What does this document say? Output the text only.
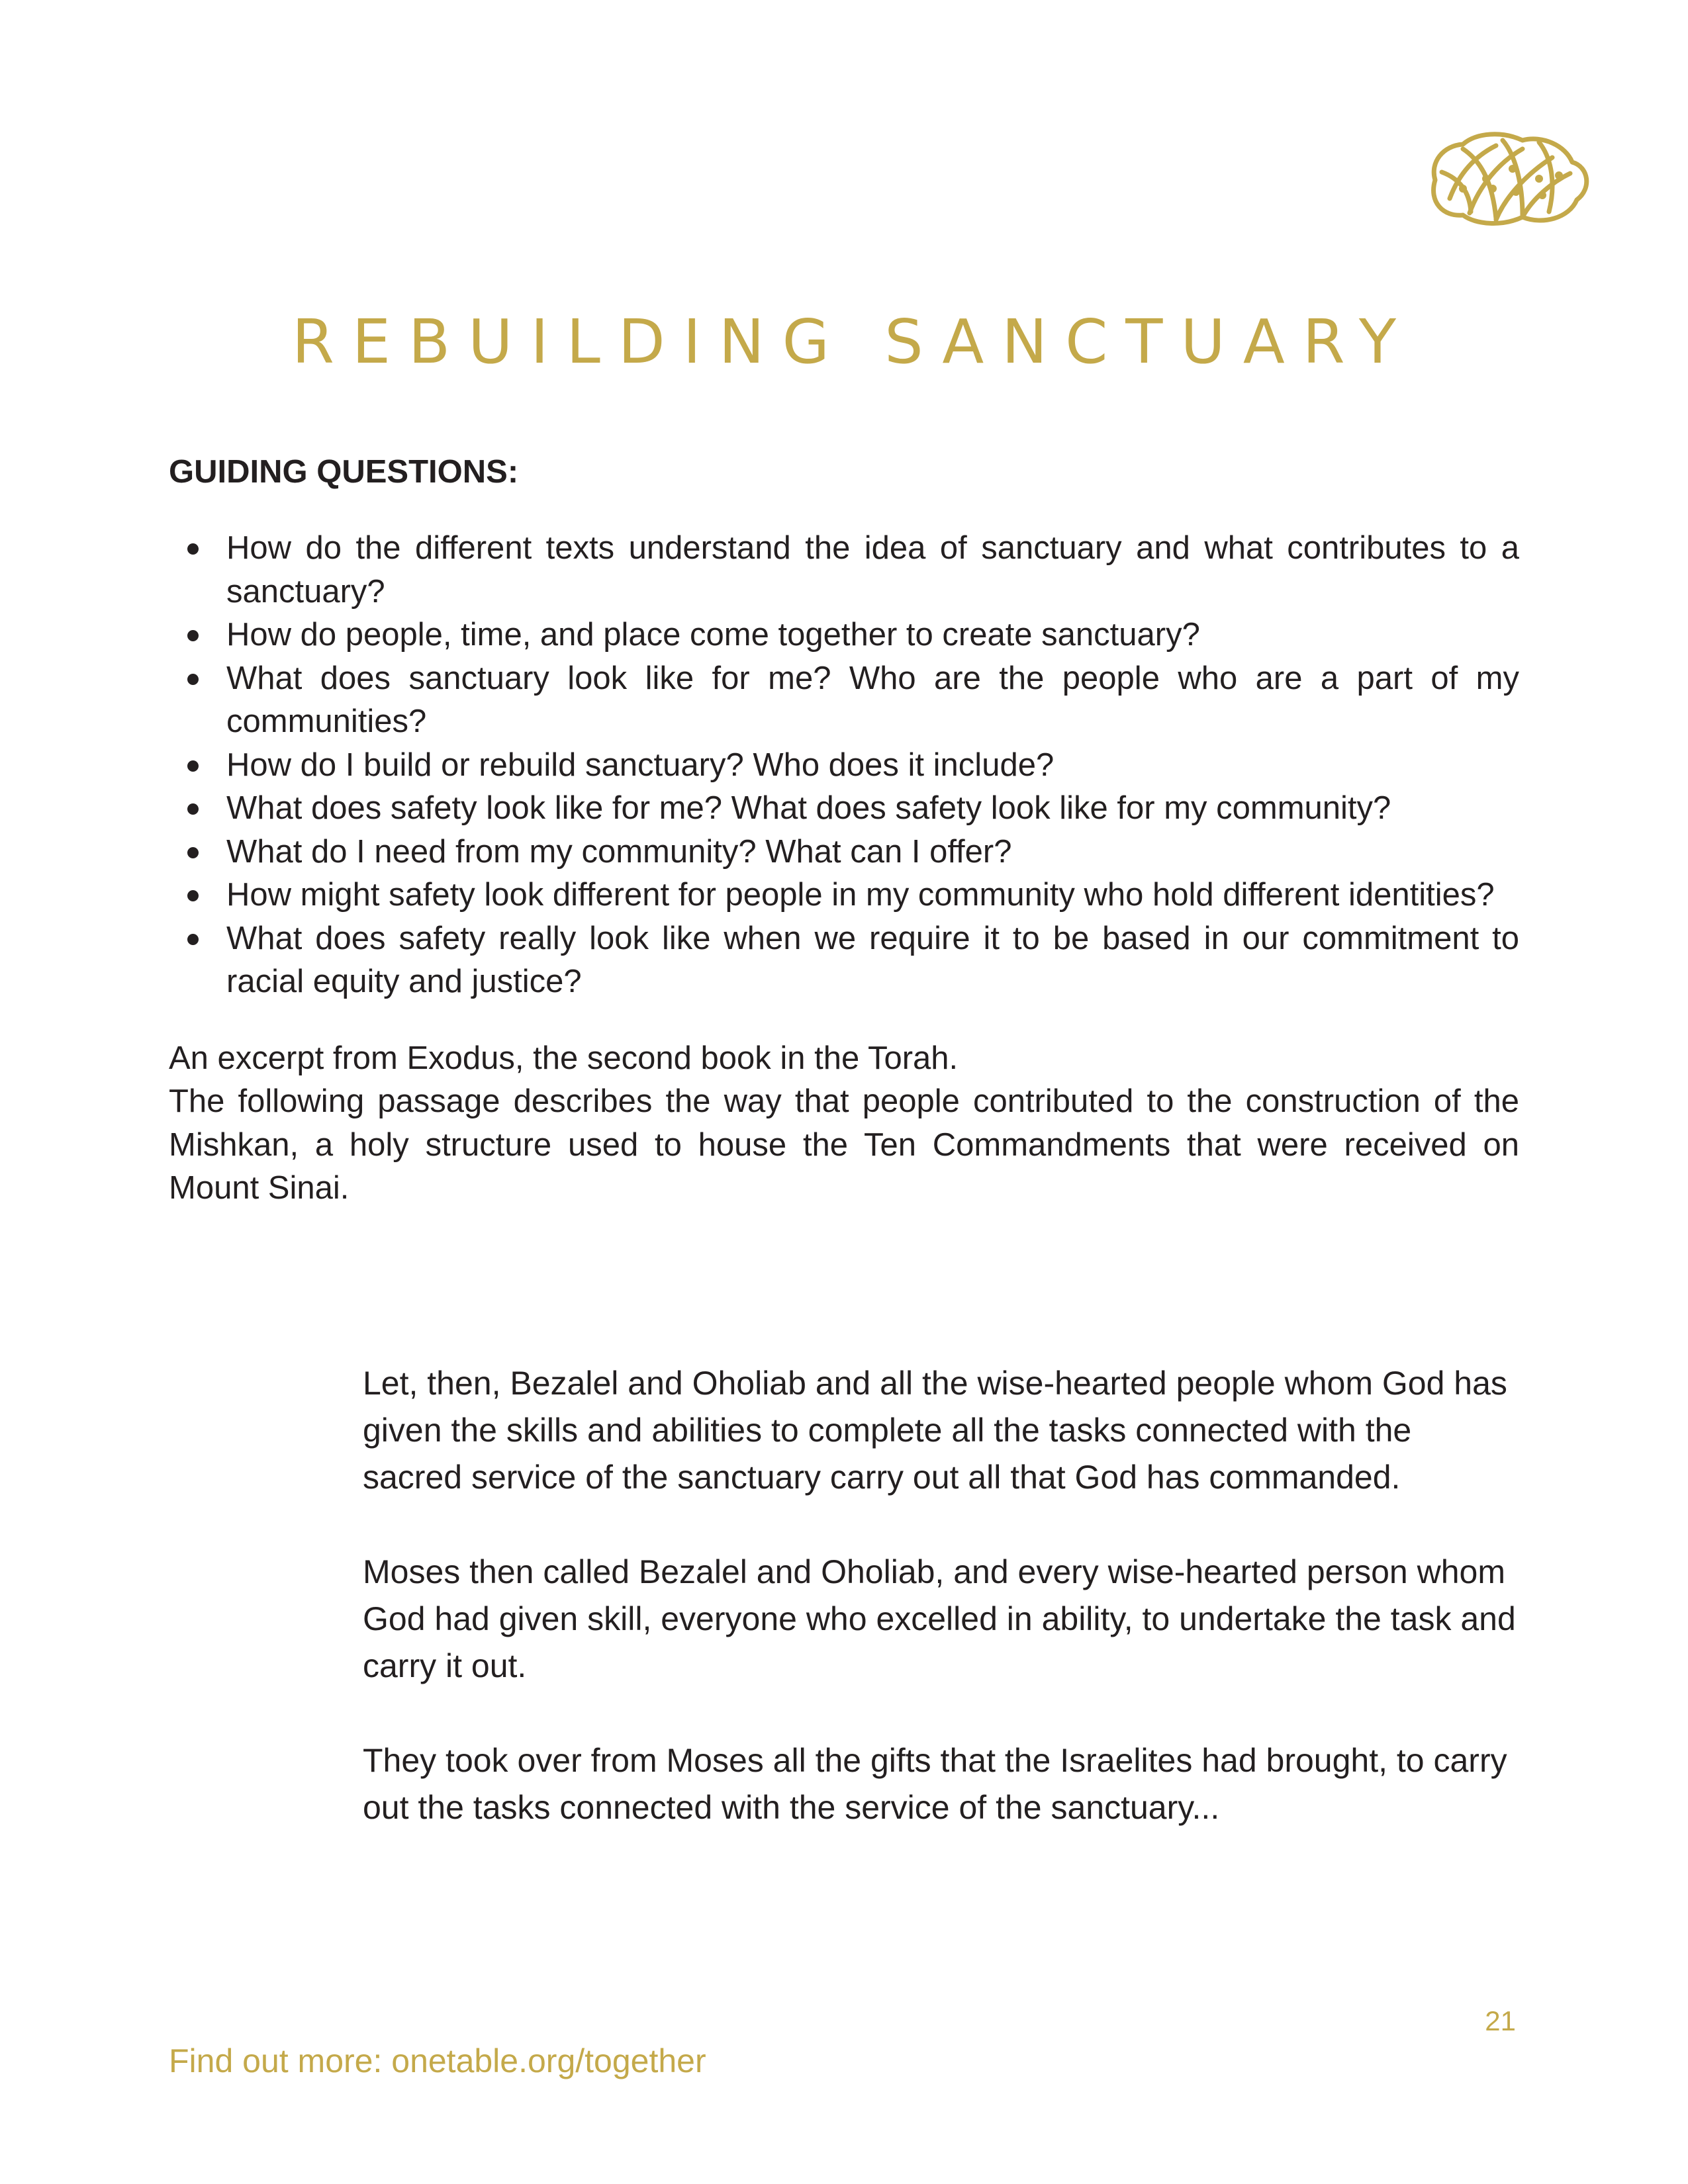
REBUILDING SANCTUARY
GUIDING QUESTIONS:
How do the different texts understand the idea of sanctuary and what contributes to a sanctuary?
How do people, time, and place come together to create sanctuary?
What does sanctuary look like for me? Who are the people who are a part of my communities?
How do I build or rebuild sanctuary? Who does it include?
What does safety look like for me? What does safety look like for my community?
What do I need from my community? What can I offer?
How might safety look different for people in my community who hold different identities?
What does safety really look like when we require it to be based in our commitment to racial equity and justice?

An excerpt from Exodus, the second book in the Torah.

The following passage describes the way that people contributed to the construction of the Mishkan, a holy structure used to house the Ten Commandments that were received on Mount Sinai.

Let, then, Bezalel and Oholiab and all the wise-hearted people whom God has given the skills and abilities to complete all the tasks connected with the sacred service of the sanctuary carry out all that God has commanded.

Moses then called Bezalel and Oholiab, and every wise-hearted person whom God had given skill, everyone who excelled in ability, to undertake the task and carry it out.

They took over from Moses all the gifts that the Israelites had brought, to carry out the tasks connected with the service of the sanctuary...

21
Find out more: onetable.org/together
